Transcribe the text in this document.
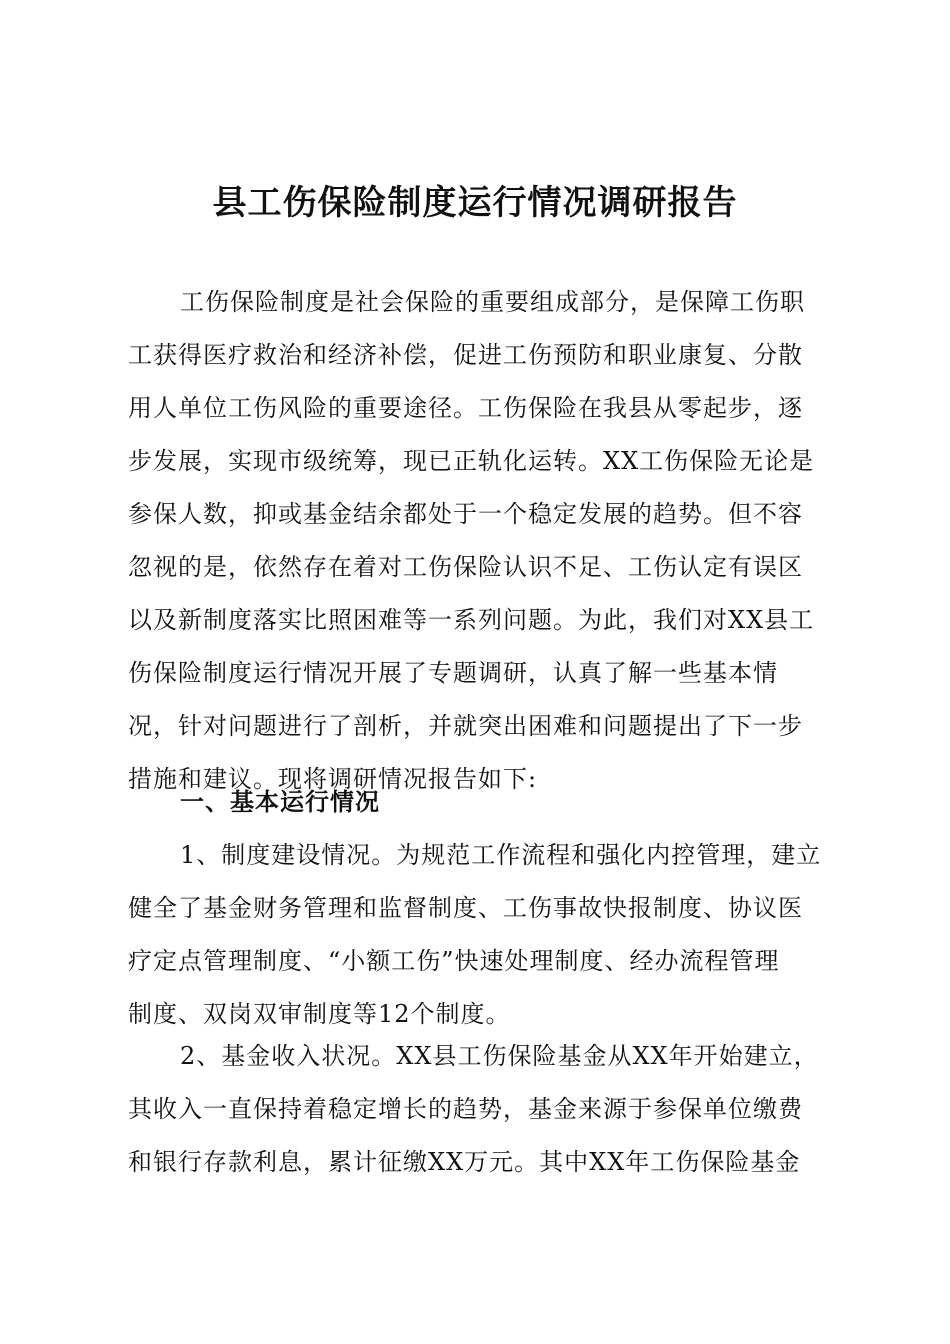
县工伤保险制度运行情况调研报告
工伤保险制度是社会保险的重要组成部分，是保障工伤职
工获得医疗救治和经济补偿，促进工伤预防和职业康复、分散
用人单位工伤风险的重要途径。工伤保险在我县从零起步，逐
步发展，实现市级统筹，现已正轨化运转。XX工伤保险无论是
参保人数，抑或基金结余都处于一个稳定发展的趋势。但不容
忽视的是，依然存在着对工伤保险认识不足、工伤认定有误区
以及新制度落实比照困难等一系列问题。为此，我们对XX县工
伤保险制度运行情况开展了专题调研，认真了解一些基本情
况，针对问题进行了剖析，并就突出困难和问题提出了下一步
措施和建议。现将调研情况报告如下:
一、基本运行情况
1、制度建设情况。为规范工作流程和强化内控管理，建立
健全了基金财务管理和监督制度、工伤事故快报制度、协议医
疗定点管理制度、“小额工伤”快速处理制度、经办流程管理
制度、双岗双审制度等12个制度。
2、基金收入状况。XX县工伤保险基金从XX年开始建立，
其收入一直保持着稳定增长的趋势，基金来源于参保单位缴费
和银行存款利息，累计征缴XX万元。其中XX年工伤保险基金
